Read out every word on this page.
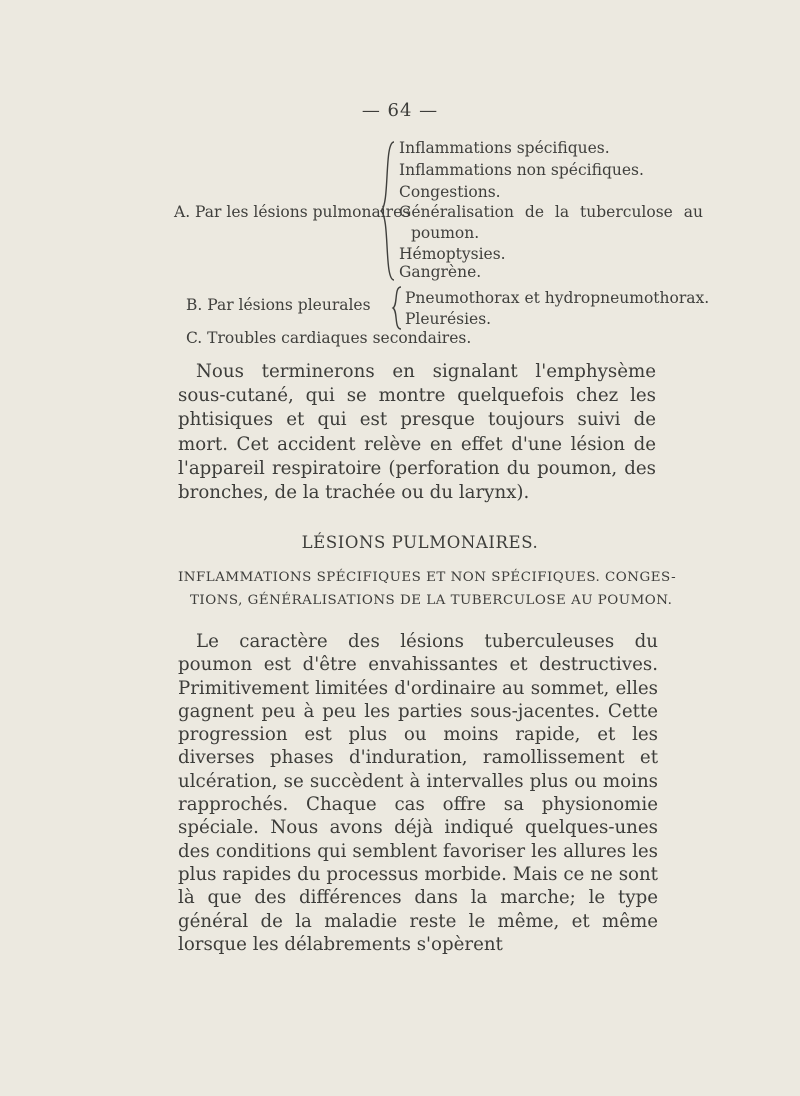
— 64 —
Inflammations spécifiques.
Inflammations non spécifiques.
Congestions.
A. Par les lésions pulmonaires
Généralisation de la tuberculose au
poumon.
Hémoptysies.
Gangrène.
B. Par lésions pleurales Pneumothorax et hydropneumothorax.
Pleurésies.
C. Troubles cardiaques secondaires.

Nous terminerons en signalant l'emphysème sous-cutané, qui se montre quelquefois chez les phtisiques et qui est presque toujours suivi de mort. Cet accident relève en effet d'une lésion de l'appareil respiratoire (perforation du poumon, des bronches, de la trachée ou du larynx).

LÉSIONS PULMONAIRES.

INFLAMMATIONS SPÉCIFIQUES ET NON SPÉCIFIQUES. CONGES-

TIONS, GÉNÉRALISATIONS DE LA TUBERCULOSE AU POUMON.

Le caractère des lésions tuberculeuses du poumon est d'être envahissantes et destructives. Primitivement limitées d'ordinaire au sommet, elles gagnent peu à peu les parties sous-jacentes. Cette progression est plus ou moins rapide, et les diverses phases d'induration, ramollissement et ulcération, se succèdent à intervalles plus ou moins rapprochés. Chaque cas offre sa physionomie spéciale. Nous avons déjà indiqué quelques-unes des conditions qui semblent favoriser les allures les plus rapides du processus morbide. Mais ce ne sont là que des différences dans la marche; le type général de la maladie reste le même, et même lorsque les délabrements s'opèrent
